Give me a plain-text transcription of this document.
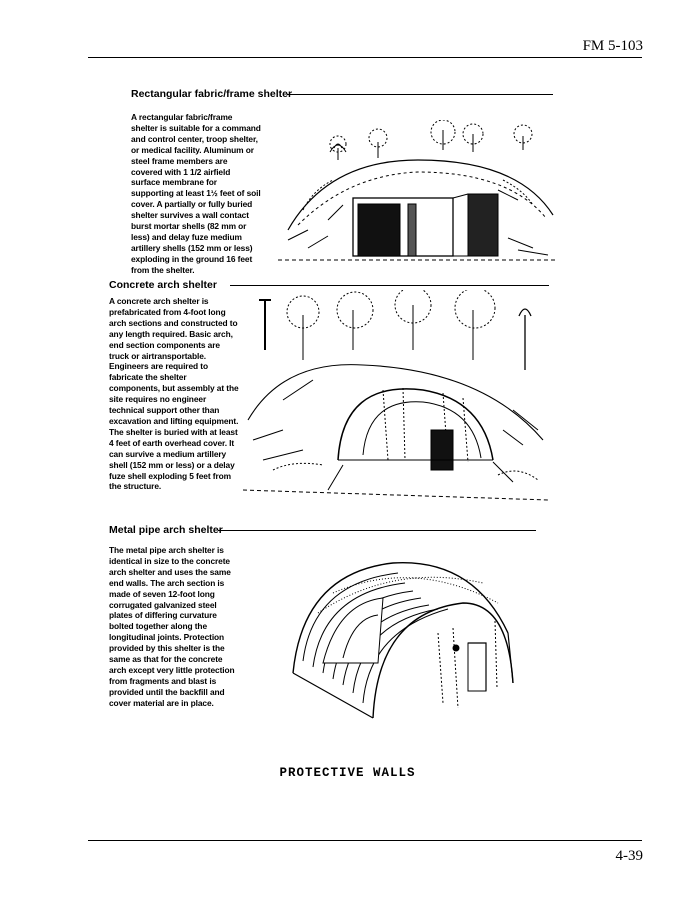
FM 5-103
Rectangular fabric/frame shelter
A rectangular fabric/frame shelter is suitable for a command and control center, troop shelter, or medical facility. Aluminum or steel frame members are covered with 1 1/2 airfield surface membrane for supporting at least 1½ feet of soil cover. A partially or fully buried shelter survives a wall contact burst mortar shells (82 mm or less) and delay fuze medium artillery shells (152 mm or less) exploding in the ground 16 feet from the shelter.
Concrete arch shelter
A concrete arch shelter is prefabricated from 4-foot long arch sections and constructed to any length required. Basic arch, end section components are truck or airtransportable. Engineers are required to fabricate the shelter components, but assembly at the site requires no engineer technical support other than excavation and lifting equipment. The shelter is buried with at least 4 feet of earth overhead cover. It can survive a medium artillery shell (152 mm or less) or a delay fuze shell exploding 5 feet from the structure.
Metal pipe arch shelter
The metal pipe arch shelter is identical in size to the concrete arch shelter and uses the same end walls. The arch section is made of seven 12-foot long corrugated galvanized steel plates of differing curvature bolted together along the longitudinal joints. Protection provided by this shelter is the same as that for the concrete arch except very little protection from fragments and blast is provided until the backfill and cover material are in place.
PROTECTIVE WALLS
4-39
